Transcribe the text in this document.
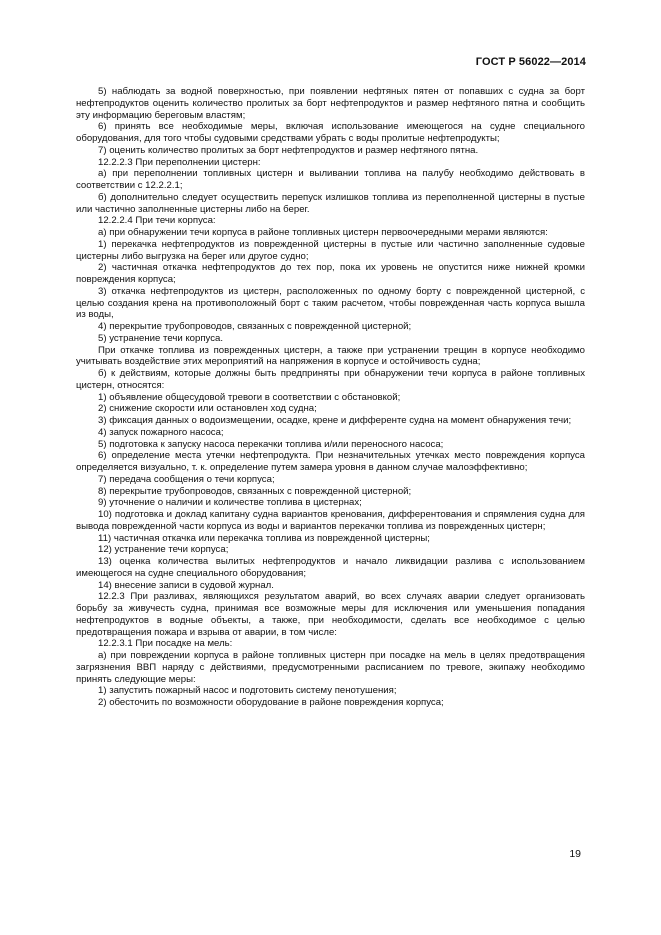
ГОСТ Р 56022—2014

5) наблюдать за водной поверхностью, при появлении нефтяных пятен от попавших с судна за борт нефтепродуктов оценить количество пролитых за борт нефтепродуктов и размер нефтяного пятна и сообщить эту информацию береговым властям;

6) принять все необходимые меры, включая использование имеющегося на судне специального оборудования, для того чтобы судовыми средствами убрать с воды пролитые нефтепродукты;

7) оценить количество пролитых за борт нефтепродуктов и размер нефтяного пятна.

12.2.2.3 При переполнении цистерн:

а) при переполнении топливных цистерн и выливании топлива на палубу необходимо действовать в соответствии с 12.2.2.1;

б) дополнительно следует осуществить перепуск излишков топлива из переполненной цистерны в пустые или частично заполненные цистерны либо на берег.

12.2.2.4 При течи корпуса:

а) при обнаружении течи корпуса в районе топливных цистерн первоочередными мерами являются:

1) перекачка нефтепродуктов из поврежденной цистерны в пустые или частично заполненные судовые цистерны либо выгрузка на берег или другое судно;

2) частичная откачка нефтепродуктов до тех пор, пока их уровень не опустится ниже нижней кромки повреждения корпуса;

3) откачка нефтепродуктов из цистерн, расположенных по одному борту с поврежденной цистерной, с целью создания крена на противоположный борт с таким расчетом, чтобы поврежденная часть корпуса вышла из воды,

4) перекрытие трубопроводов, связанных с поврежденной цистерной;

5) устранение течи корпуса.

При откачке топлива из поврежденных цистерн, а также при устранении трещин в корпусе необходимо учитывать воздействие этих мероприятий на напряжения в корпусе и остойчивость судна;

б) к действиям, которые должны быть предприняты при обнаружении течи корпуса в районе топливных цистерн, относятся:

1) объявление общесудовой тревоги в соответствии с обстановкой;

2) снижение скорости или остановлен ход судна;

3) фиксация данных о водоизмещении, осадке, крене и дифференте судна на момент обнаружения течи;

4) запуск пожарного насоса;

5) подготовка к запуску насоса перекачки топлива и/или переносного насоса;

6) определение места утечки нефтепродукта. При незначительных утечках место повреждения корпуса определяется визуально, т. к. определение путем замера уровня в данном случае малоэффективно;

7) передача сообщения о течи корпуса;

8) перекрытие трубопроводов, связанных с поврежденной цистерной;

9) уточнение о наличии и количестве топлива в цистернах;

10) подготовка и доклад капитану судна вариантов кренования, дифферентования и спрямления судна для вывода поврежденной части корпуса из воды и вариантов перекачки топлива из поврежденных цистерн;

11) частичная откачка или перекачка топлива из поврежденной цистерны;

12) устранение течи корпуса;

13) оценка количества вылитых нефтепродуктов и начало ликвидации разлива с использованием имеющегося на судне специального оборудования;

14) внесение записи в судовой журнал.

12.2.3 При разливах, являющихся результатом аварий, во всех случаях аварии следует организовать борьбу за живучесть судна, принимая все возможные меры для исключения или уменьшения попадания нефтепродуктов в водные объекты, а также, при необходимости, сделать все необходимое с целью предотвращения пожара и взрыва от аварии, в том числе:

12.2.3.1 При посадке на мель:

а) при повреждении корпуса в районе топливных цистерн при посадке на мель в целях предотвращения загрязнения ВВП наряду с действиями, предусмотренными расписанием по тревоге, экипажу необходимо принять следующие меры:

1) запустить пожарный насос и подготовить систему пенотушения;

2) обесточить по возможности оборудование в районе повреждения корпуса;

19
